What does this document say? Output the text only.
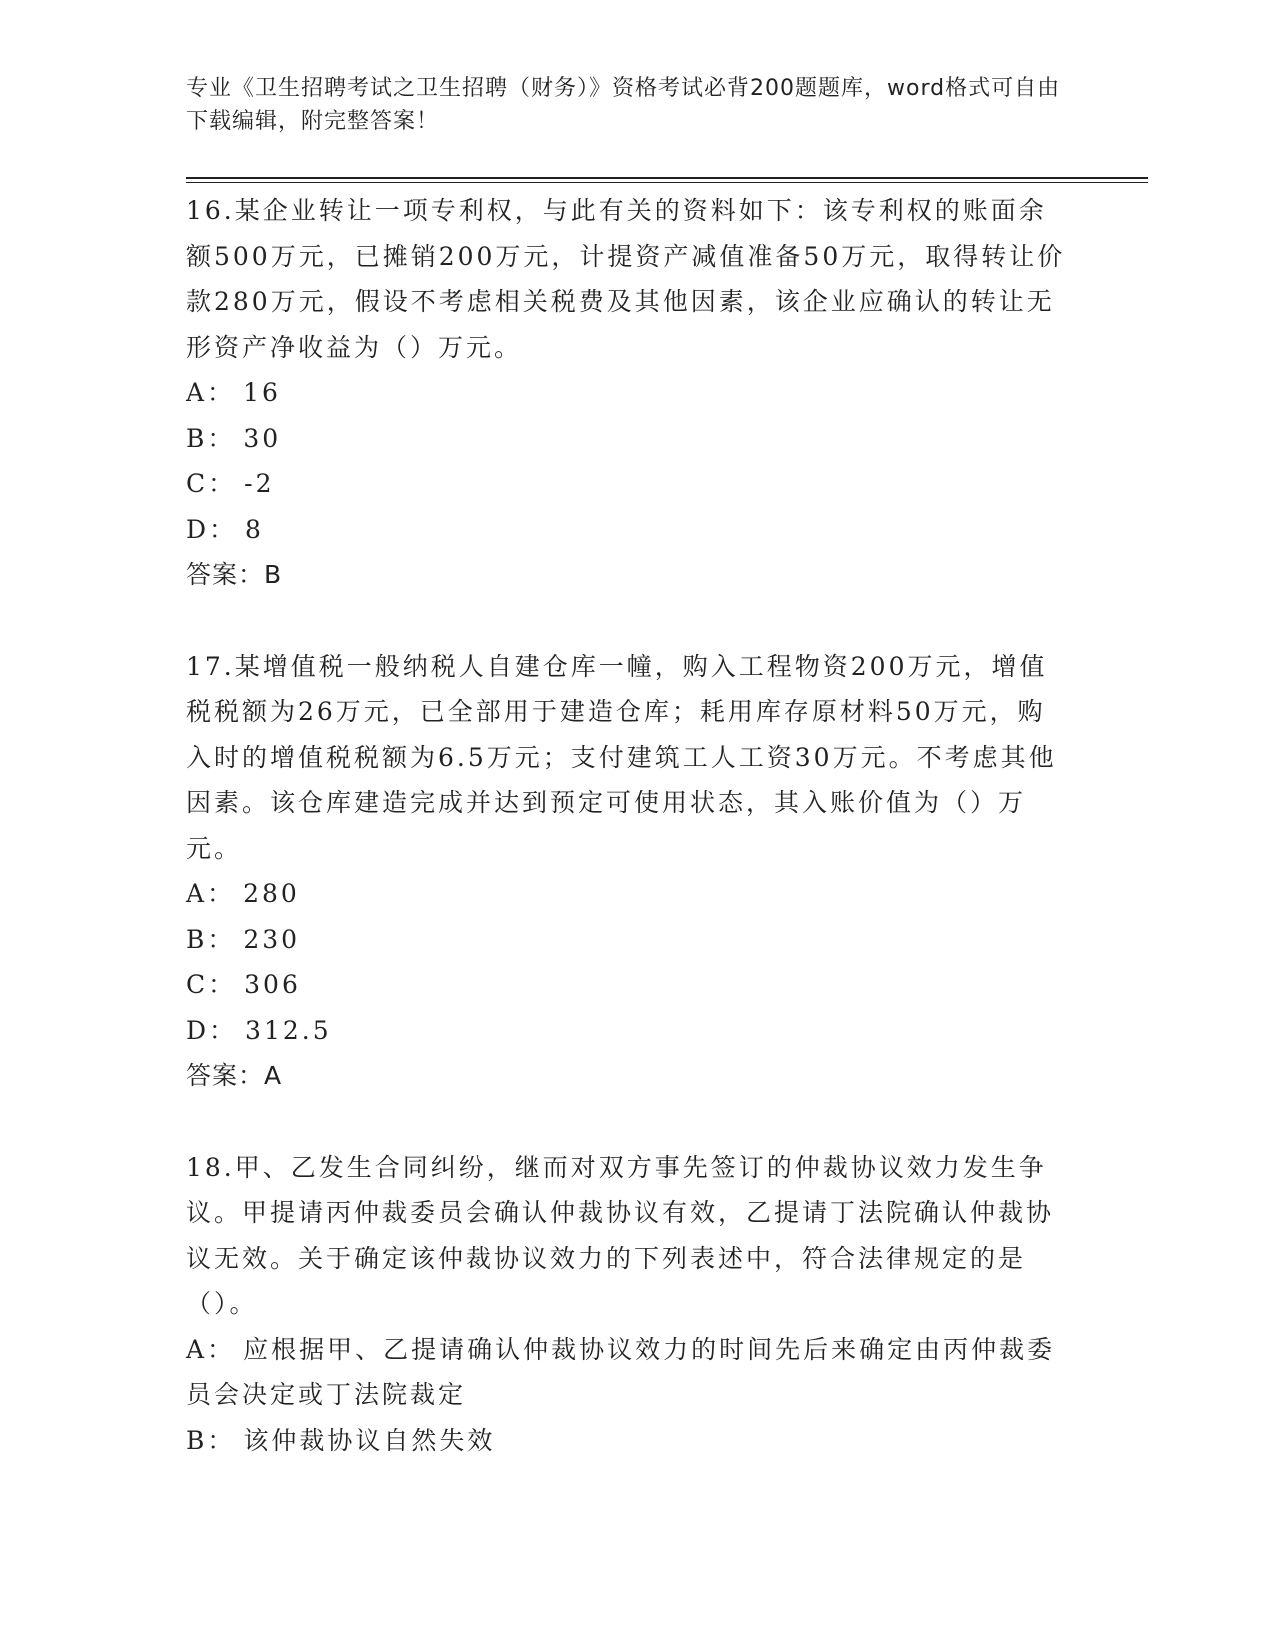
专业《卫生招聘考试之卫生招聘（财务）》资格考试必背200题题库，word格式可自由下载编辑，附完整答案！

16.某企业转让一项专利权，与此有关的资料如下：该专利权的账面余额500万元，已摊销200万元，计提资产减值准备50万元，取得转让价款280万元，假设不考虑相关税费及其他因素，该企业应确认的转让无形资产净收益为（）万元。

A： 16

B： 30

C： -2

D： 8

答案：B

17.某增值税一般纳税人自建仓库一幢，购入工程物资200万元，增值税税额为26万元，已全部用于建造仓库；耗用库存原材料50万元，购入时的增值税税额为6.5万元；支付建筑工人工资30万元。不考虑其他因素。该仓库建造完成并达到预定可使用状态，其入账价值为（）万元。

A： 280

B： 230

C： 306

D： 312.5

答案：A

18.甲、乙发生合同纠纷，继而对双方事先签订的仲裁协议效力发生争议。甲提请丙仲裁委员会确认仲裁协议有效，乙提请丁法院确认仲裁协议无效。关于确定该仲裁协议效力的下列表述中，符合法律规定的是（）。

A： 应根据甲、乙提请确认仲裁协议效力的时间先后来确定由丙仲裁委员会决定或丁法院裁定

B： 该仲裁协议自然失效
